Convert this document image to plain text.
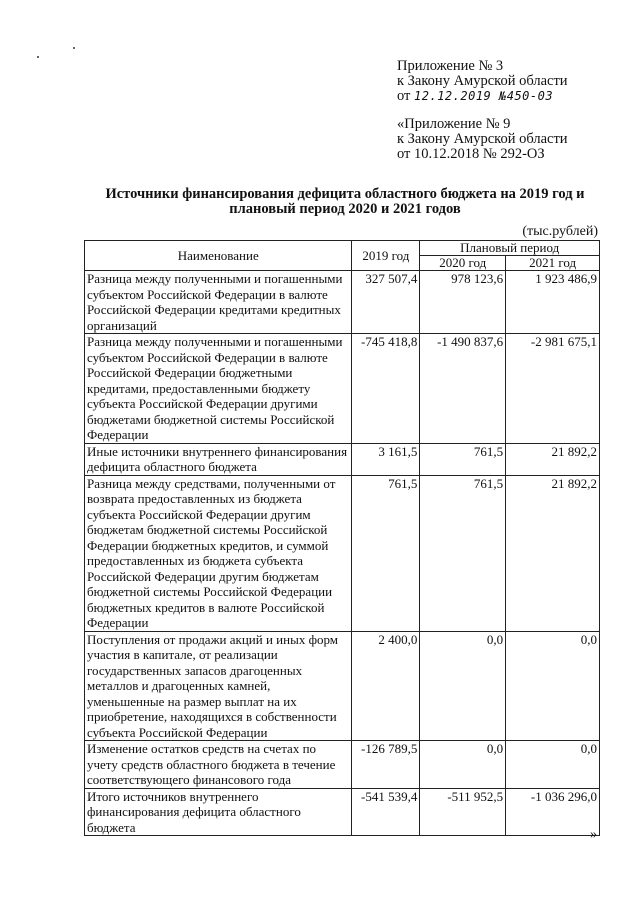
Приложение № 3
к Закону Амурской области
от 12.12.2019 №450-03
«Приложение № 9
к Закону Амурской области
от 10.12.2018 № 292-ОЗ
Источники финансирования дефицита областного бюджета на 2019 год и плановый период 2020 и 2021 годов
(тыс.рублей)
Наименование	2019 год	Плановый период	
		2020 год	2021 год
Разница между полученными и погашенными субъектом Российской Федерации в валюте Российской Федерации кредитами кредитных организаций	327 507,4	978 123,6	1 923 486,9
Разница между полученными и погашенными субъектом Российской Федерации в валюте Российской Федерации бюджетными кредитами, предоставленными бюджету субъекта Российской Федерации другими бюджетами бюджетной системы Российской Федерации	-745 418,8	-1 490 837,6	-2 981 675,1
Иные источники внутреннего финансирования дефицита областного бюджета	3 161,5	761,5	21 892,2
Разница между средствами, полученными от возврата предоставленных из бюджета субъекта Российской Федерации другим бюджетам бюджетной системы Российской Федерации бюджетных кредитов, и суммой предоставленных из бюджета субъекта Российской Федерации другим бюджетам бюджетной системы Российской Федерации бюджетных кредитов в валюте Российской Федерации	761,5	761,5	21 892,2
Поступления от продажи акций и иных форм участия в капитале, от реализации государственных запасов драгоценных металлов и драгоценных камней, уменьшенные на размер выплат на их приобретение, находящихся в собственности субъекта Российской Федерации	2 400,0	0,0	0,0
Изменение остатков средств на счетах по учету средств областного бюджета в течение соответствующего финансового года	-126 789,5	0,0	0,0
Итого источников внутреннего финансирования дефицита областного бюджета	-541 539,4	-511 952,5	-1 036 296,0
»
